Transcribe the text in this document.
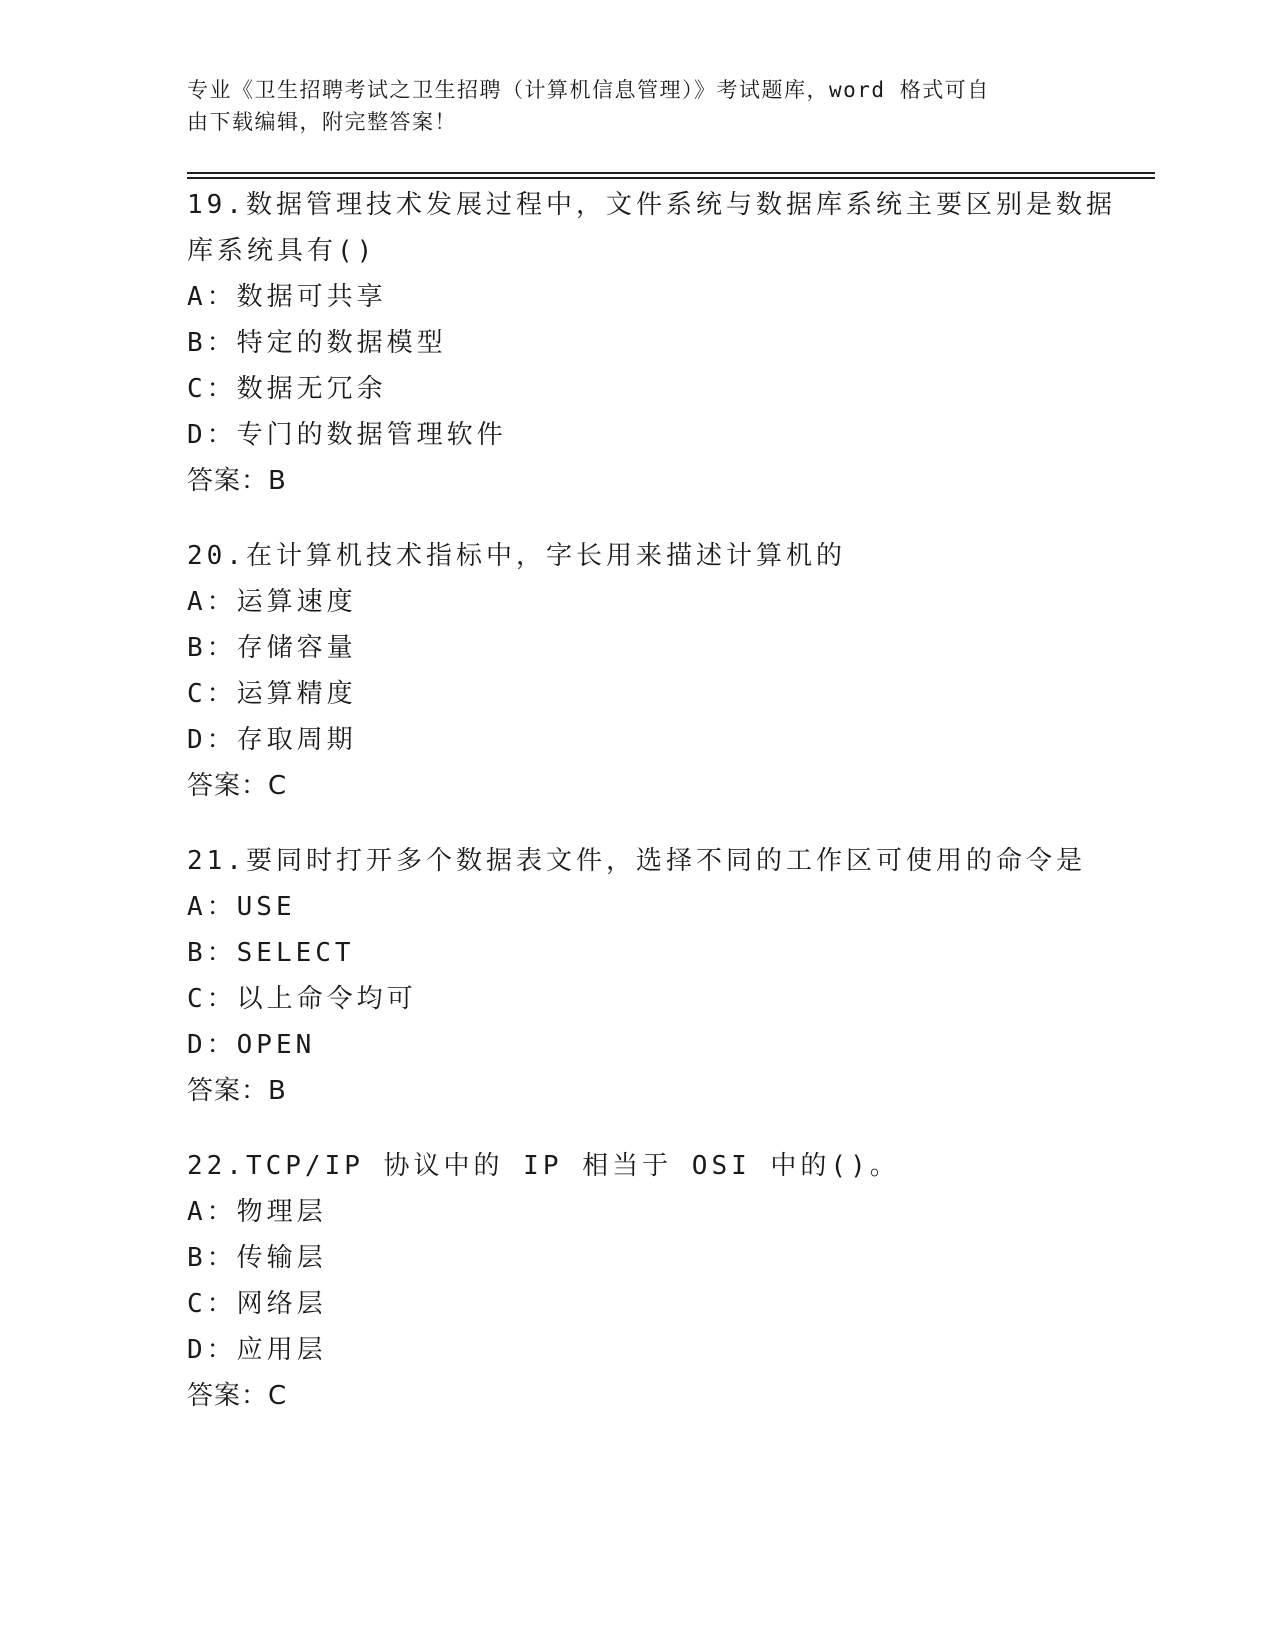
专业《卫生招聘考试之卫生招聘（计算机信息管理）》考试题库，word 格式可自
由下载编辑，附完整答案！
19.数据管理技术发展过程中，文件系统与数据库系统主要区别是数据
库系统具有()
A：数据可共享
B：特定的数据模型
C：数据无冗余
D：专门的数据管理软件
答案：B
20.在计算机技术指标中，字长用来描述计算机的
A：运算速度
B：存储容量
C：运算精度
D：存取周期
答案：C
21.要同时打开多个数据表文件，选择不同的工作区可使用的命令是
A：USE
B：SELECT
C：以上命令均可
D：OPEN
答案：B
22.TCP/IP 协议中的 IP 相当于 OSI 中的()。
A：物理层
B：传输层
C：网络层
D：应用层
答案：C
